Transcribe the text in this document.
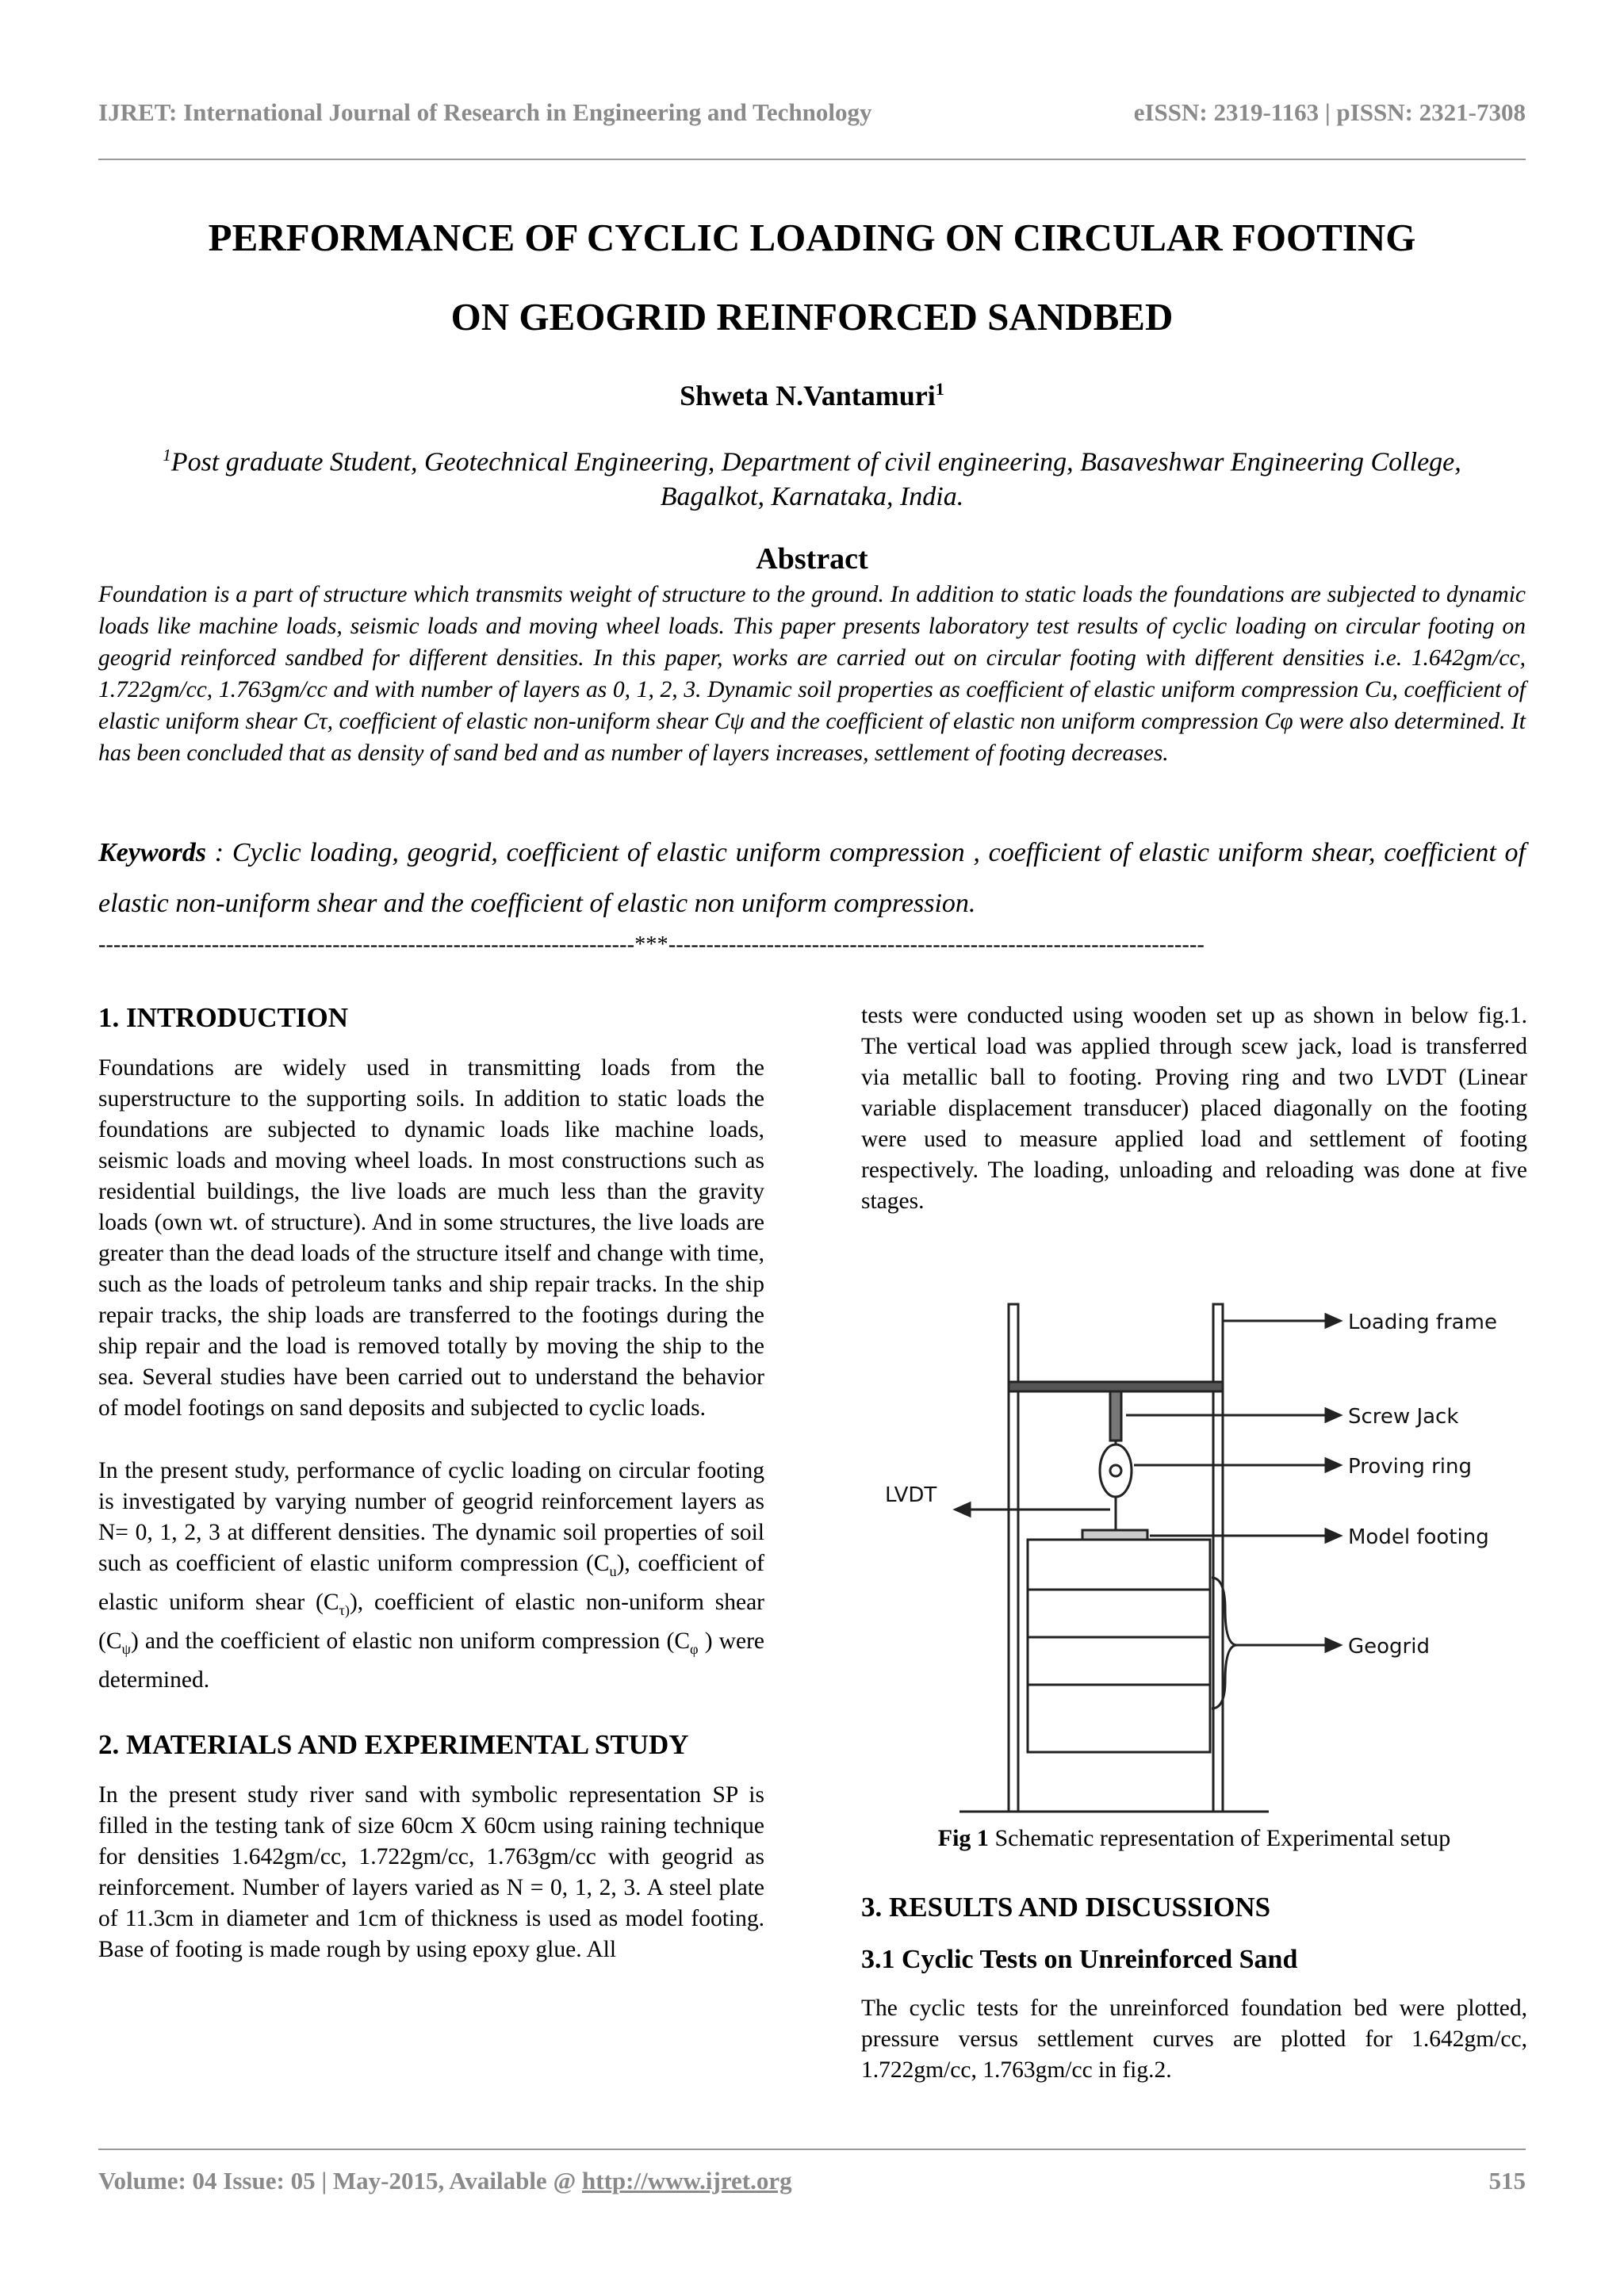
IJRET: International Journal of Research in Engineering and Technology	eISSN: 2319-1163 | pISSN: 2321-7308
PERFORMANCE OF CYCLIC LOADING ON CIRCULAR FOOTING
ON GEOGRID REINFORCED SANDBED
Shweta N.Vantamuri$^1$
$^1$Post graduate Student, Geotechnical Engineering, Department of civil engineering, Basaveshwar Engineering College, Bagalkot, Karnataka, India.
Abstract
Foundation is a part of structure which transmits weight of structure to the ground. In addition to static loads the foundations are subjected to dynamic loads like machine loads, seismic loads and moving wheel loads. This paper presents laboratory test results of cyclic loading on circular footing on geogrid reinforced sandbed for different densities. In this paper, works are carried out on circular footing with different densities i.e. 1.642gm/cc, 1.722gm/cc, 1.763gm/cc and with number of layers as 0, 1, 2, 3. Dynamic soil properties as coefficient of elastic uniform compression Cu, coefficient of elastic uniform shear Cτ, coefficient of elastic non-uniform shear Cψ and the coefficient of elastic non uniform compression Cφ were also determined. It has been concluded that as density of sand bed and as number of layers increases, settlement of footing decreases.
Keywords : Cyclic loading, geogrid, coefficient of elastic uniform compression , coefficient of elastic uniform shear, coefficient of elastic non-uniform shear and the coefficient of elastic non uniform compression.
-----------------------------------------------------------------------***-----------------------------------------------------------------------
1. INTRODUCTION

Foundations are widely used in transmitting loads from the superstructure to the supporting soils. In addition to static loads the foundations are subjected to dynamic loads like machine loads, seismic loads and moving wheel loads. In most constructions such as residential buildings, the live loads are much less than the gravity loads (own wt. of structure). And in some structures, the live loads are greater than the dead loads of the structure itself and change with time, such as the loads of petroleum tanks and ship repair tracks. In the ship repair tracks, the ship loads are transferred to the footings during the ship repair and the load is removed totally by moving the ship to the sea. Several studies have been carried out to understand the behavior of model footings on sand deposits and subjected to cyclic loads.

In the present study, performance of cyclic loading on circular footing is investigated by varying number of geogrid reinforcement layers as N= 0, 1, 2, 3 at different densities. The dynamic soil properties of soil such as coefficient of elastic uniform compression $(C_u)$, coefficient of elastic uniform shear $(C_{\tau)})$, coefficient of elastic non-uniform shear $(C_\psi)$ and the coefficient of elastic non uniform compression ($C_\varphi$ ) were determined.

2. MATERIALS AND EXPERIMENTAL STUDY

In the present study river sand with symbolic representation SP is filled in the testing tank of size 60cm X 60cm using raining technique for densities 1.642gm/cc, 1.722gm/cc, 1.763gm/cc with geogrid as reinforcement. Number of layers varied as N = 0, 1, 2, 3. A steel plate of 11.3cm in diameter and 1cm of thickness is used as model footing. Base of footing is made rough by using epoxy glue. All

tests were conducted using wooden set up as shown in below fig.1. The vertical load was applied through scew jack, load is transferred via metallic ball to footing. Proving ring and two LVDT (Linear variable displacement transducer) placed diagonally on the footing were used to measure applied load and settlement of footing respectively. The loading, unloading and reloading was done at five stages.

Loading frame
Screw Jack
Proving ring
Model footing
Geogrid
LVDT
Fig 1 Schematic representation of Experimental setup
3. RESULTS AND DISCUSSIONS
3.1 Cyclic Tests on Unreinforced Sand

The cyclic tests for the unreinforced foundation bed were plotted, pressure versus settlement curves are plotted for 1.642gm/cc, 1.722gm/cc, 1.763gm/cc in fig.2.

Volume: 04 Issue: 05 | May-2015, Available @ http://www.ijret.org	515
